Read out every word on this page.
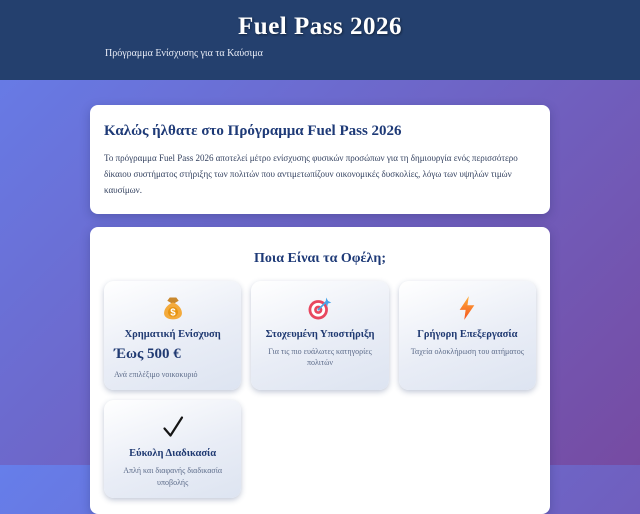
Fuel Pass 2026
Πρόγραμμα Ενίσχυσης για τα Καύσιμα
Καλώς ήλθατε στο Πρόγραμμα Fuel Pass 2026

Το πρόγραμμα Fuel Pass 2026 αποτελεί μέτρο ενίσχυσης φυσικών προσώπων για τη δημιουργία ενός περισσότερο δίκαιου συστήματος στήριξης των πολιτών που αντιμετωπίζουν οικονομικές δυσκολίες, λόγω των υψηλών τιμών καυσίμων.

Ποια Είναι τα Οφέλη;
$
Χρηματική Ενίσχυση
Έως 500 €
Ανά επιλέξιμο νοικοκυριό
Στοχευμένη Υποστήριξη
Για τις πιο ευάλωτες κατηγορίες πολιτών
Γρήγορη Επεξεργασία
Ταχεία ολοκλήρωση του αιτήματος
Εύκολη Διαδικασία
Απλή και διαφανής διαδικασία υποβολής
